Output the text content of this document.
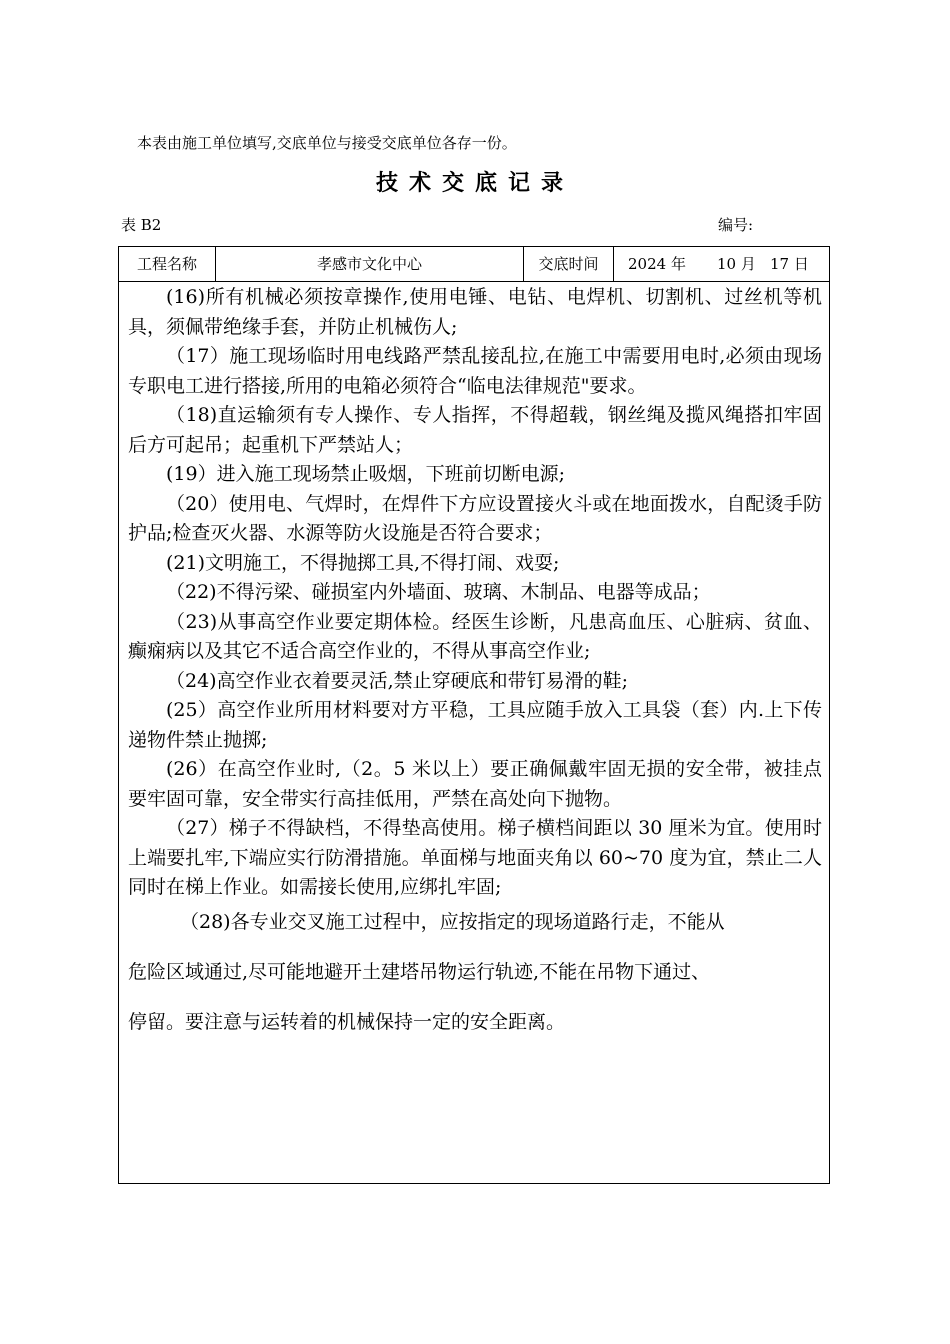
本表由施工单位填写,交底单位与接受交底单位各存一份。
技术交底记录
表 B2	编号:
工程名称	孝感市文化中心	交底时间	2024 年 10 月 17 日

(16)所有机械必须按章操作,使用电锤、电钻、电焊机、切割机、过丝机等机具，须佩带绝缘手套，并防止机械伤人;

（17）施工现场临时用电线路严禁乱接乱拉,在施工中需要用电时,必须由现场专职电工进行搭接,所用的电箱必须符合“临电法律规范"要求。

（18)直运输须有专人操作、专人指挥，不得超载，钢丝绳及揽风绳搭扣牢固后方可起吊；起重机下严禁站人；

(19）进入施工现场禁止吸烟，下班前切断电源;

（20）使用电、气焊时，在焊件下方应设置接火斗或在地面拨水，自配烫手防护品;检查灭火器、水源等防火设施是否符合要求；

(21)文明施工，不得抛掷工具,不得打闹、戏耍;

（22)不得污梁、碰损室内外墙面、玻璃、木制品、电器等成品；

（23)从事高空作业要定期体检。经医生诊断，凡患高血压、心脏病、贫血、癫痫病以及其它不适合高空作业的，不得从事高空作业;

（24)高空作业衣着要灵活,禁止穿硬底和带钉易滑的鞋;

(25）高空作业所用材料要对方平稳，工具应随手放入工具袋（套）内.上下传递物件禁止抛掷;

(26）在高空作业时,（2。5 米以上）要正确佩戴牢固无损的安全带，被挂点要牢固可靠，安全带实行高挂低用，严禁在高处向下抛物。

（27）梯子不得缺档，不得垫高使用。梯子横档间距以 30 厘米为宜。使用时上端要扎牢,下端应实行防滑措施。单面梯与地面夹角以 60~70 度为宜，禁止二人同时在梯上作业。如需接长使用,应绑扎牢固;

（28)各专业交叉施工过程中，应按指定的现场道路行走，不能从

危险区域通过,尽可能地避开土建塔吊物运行轨迹,不能在吊物下通过、

停留。要注意与运转着的机械保持一定的安全距离。
